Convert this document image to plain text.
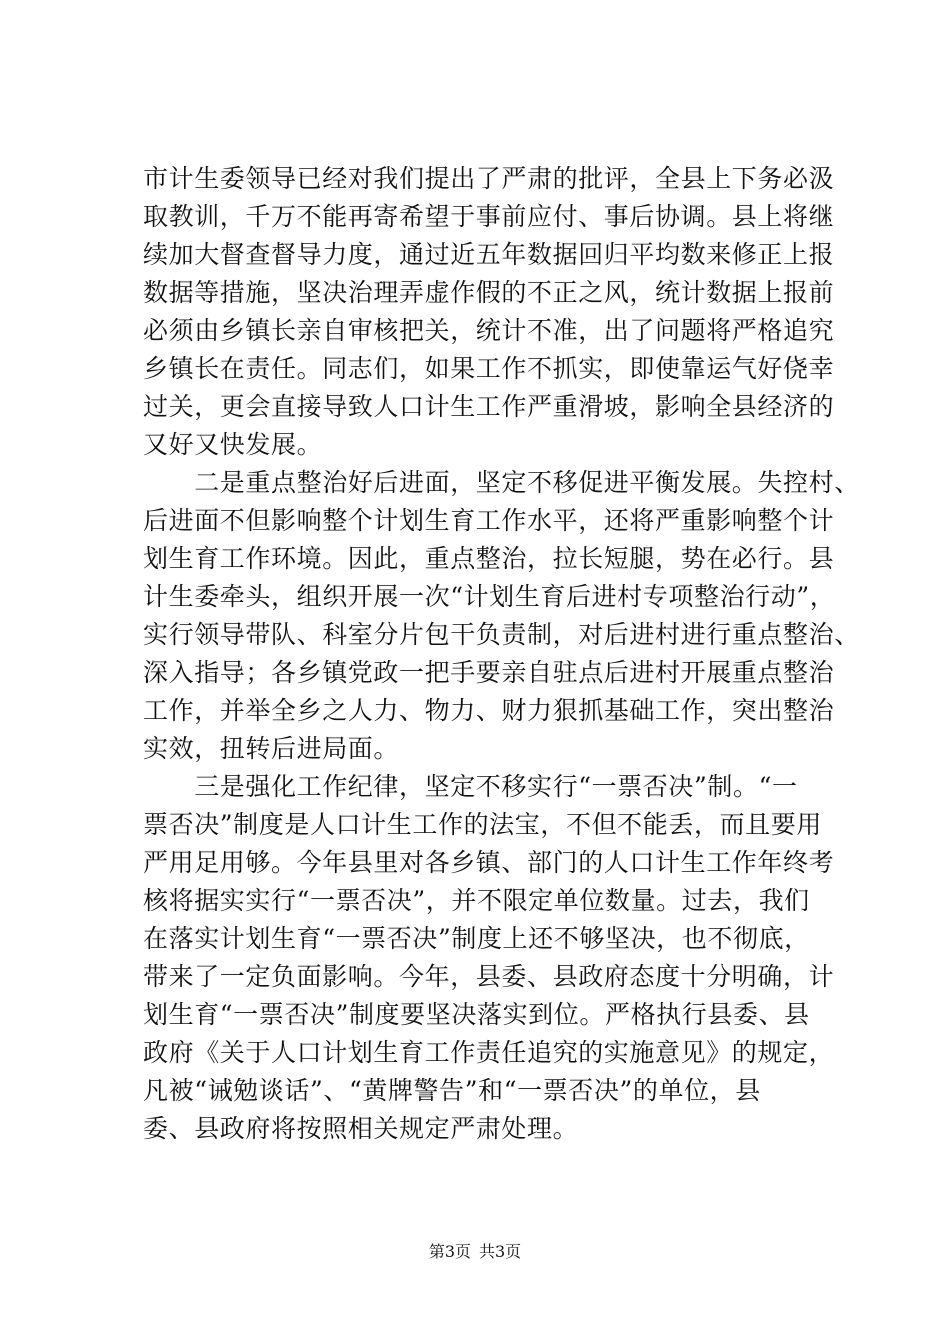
市计生委领导已经对我们提出了严肃的批评，全县上下务必汲
取教训，千万不能再寄希望于事前应付、事后协调。县上将继
续加大督查督导力度，通过近五年数据回归平均数来修正上报
数据等措施，坚决治理弄虚作假的不正之风，统计数据上报前
必须由乡镇长亲自审核把关，统计不准，出了问题将严格追究
乡镇长在责任。同志们，如果工作不抓实，即使靠运气好侥幸
过关，更会直接导致人口计生工作严重滑坡，影响全县经济的
又好又快发展。
　　二是重点整治好后进面，坚定不移促进平衡发展。失控村、
后进面不但影响整个计划生育工作水平，还将严重影响整个计
划生育工作环境。因此，重点整治，拉长短腿，势在必行。县
计生委牵头，组织开展一次“计划生育后进村专项整治行动”，
实行领导带队、科室分片包干负责制，对后进村进行重点整治、
深入指导；各乡镇党政一把手要亲自驻点后进村开展重点整治
工作，并举全乡之人力、物力、财力狠抓基础工作，突出整治
实效，扭转后进局面。
　　三是强化工作纪律，坚定不移实行“一票否决”制。“一
票否决”制度是人口计生工作的法宝，不但不能丢，而且要用
严用足用够。今年县里对各乡镇、部门的人口计生工作年终考
核将据实实行“一票否决”，并不限定单位数量。过去，我们
在落实计划生育“一票否决”制度上还不够坚决，也不彻底，
带来了一定负面影响。今年，县委、县政府态度十分明确，计
划生育“一票否决”制度要坚决落实到位。严格执行县委、县
政府《关于人口计划生育工作责任追究的实施意见》的规定，
凡被“诫勉谈话”、“黄牌警告”和“一票否决”的单位，县
委、县政府将按照相关规定严肃处理。
第3页 共3页
